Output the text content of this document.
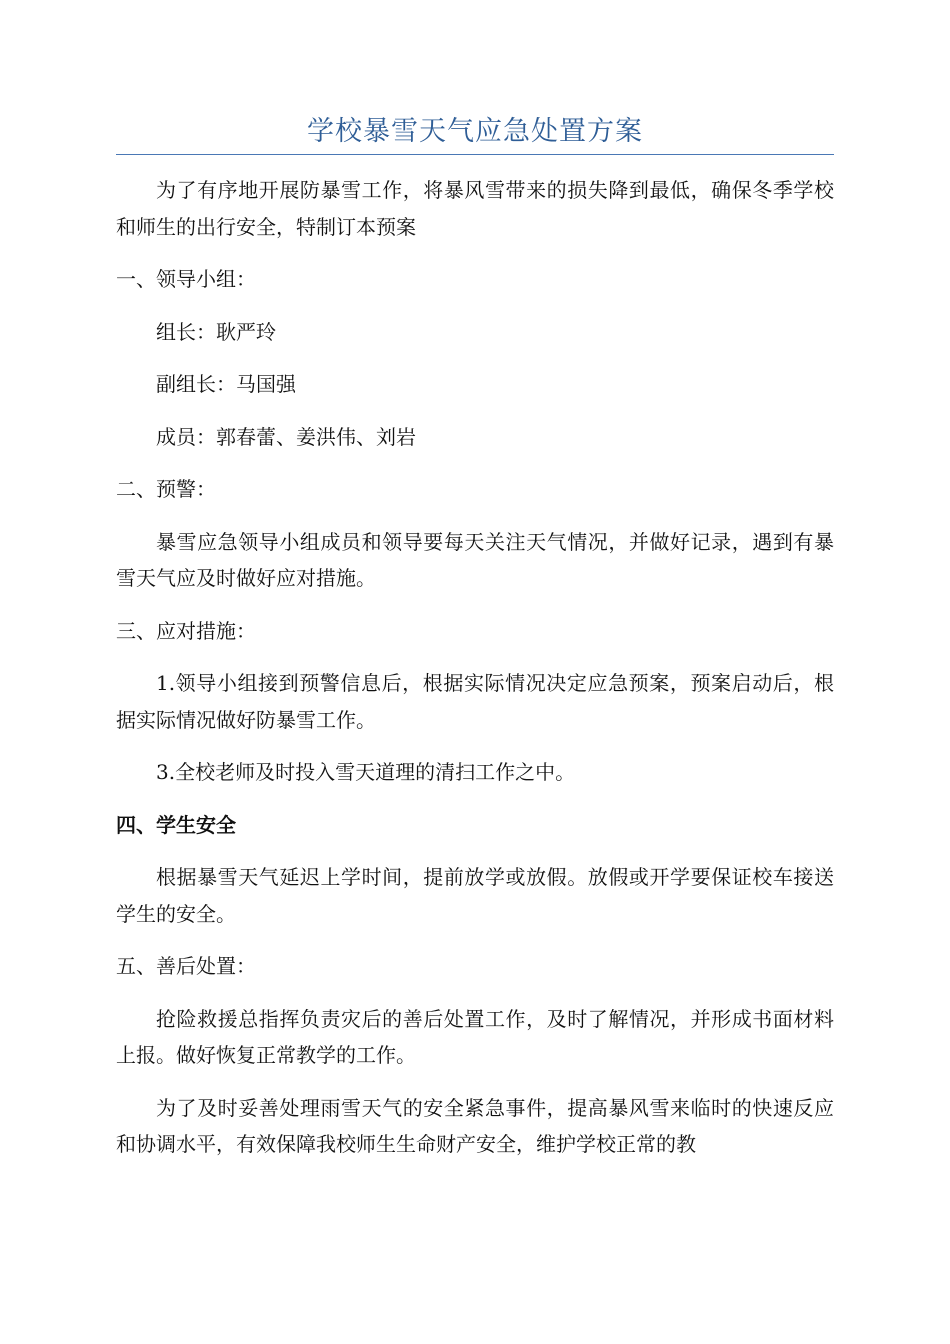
学校暴雪天气应急处置方案

为了有序地开展防暴雪工作，将暴风雪带来的损失降到最低，确保冬季学校和师生的出行安全，特制订本预案

一、领导小组：

组长：耿严玲

副组长：马国强

成员：郭春蕾、姜洪伟、刘岩

二、预警：

暴雪应急领导小组成员和领导要每天关注天气情况，并做好记录，遇到有暴雪天气应及时做好应对措施。

三、应对措施：

1.领导小组接到预警信息后，根据实际情况决定应急预案，预案启动后，根据实际情况做好防暴雪工作。

3.全校老师及时投入雪天道理的清扫工作之中。

四、学生安全

根据暴雪天气延迟上学时间，提前放学或放假。放假或开学要保证校车接送学生的安全。

五、善后处置：

抢险救援总指挥负责灾后的善后处置工作，及时了解情况，并形成书面材料上报。做好恢复正常教学的工作。

为了及时妥善处理雨雪天气的安全紧急事件，提高暴风雪来临时的快速反应和协调水平，有效保障我校师生生命财产安全，维护学校正常的教
